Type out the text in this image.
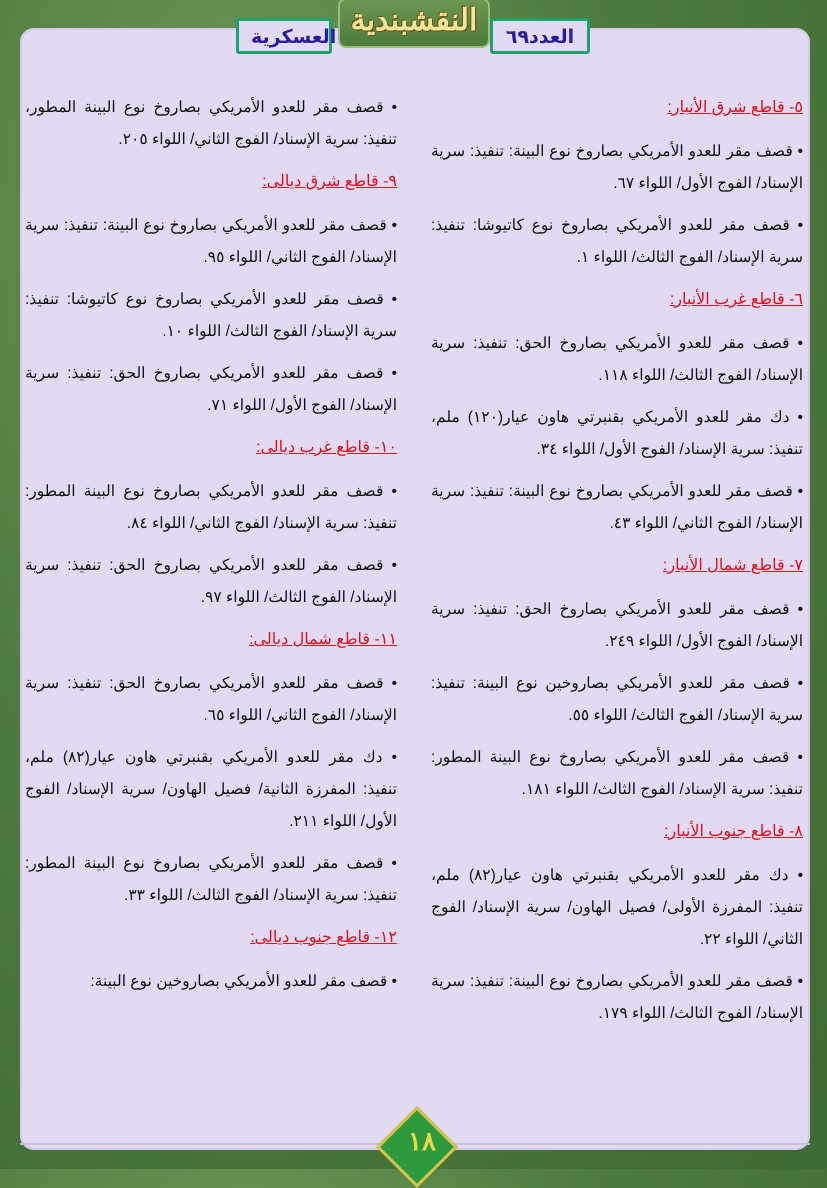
النقشبندية
العسكرية	العدد٦٩

٥- قاطع شرق الأنبار:

• قصف مقر للعدو الأمريكي بصاروخ نوع البينة: تنفيذ: سرية الإسناد/ الفوج الأول/ اللواء ٦٧.

• قصف مقر للعدو الأمريكي بصاروخ نوع كاتيوشا: تنفيذ: سرية الإسناد/ الفوج الثالث/ اللواء ١.

٦- قاطع غرب الأنبار:

• قصف مقر للعدو الأمريكي بصاروخ الحق: تنفيذ: سرية الإسناد/ الفوج الثالث/ اللواء ١١٨.

• دك مقر للعدو الأمريكي بقنبرتي هاون عيار(١٢٠) ملم، تنفيذ: سرية الإسناد/ الفوج الأول/ اللواء ٣٤.

• قصف مقر للعدو الأمريكي بصاروخ نوع البينة: تنفيذ: سرية الإسناد/ الفوج الثاني/ اللواء ٤٣.

٧- قاطع شمال الأنبار:

• قصف مقر للعدو الأمريكي بصاروخ الحق: تنفيذ: سرية الإسناد/ الفوج الأول/ اللواء ٢٤٩.

• قصف مقر للعدو الأمريكي بصاروخين نوع البينة: تنفيذ: سرية الإسناد/ الفوج الثالث/ اللواء ٥٥.

• قصف مقر للعدو الأمريكي بصاروخ نوع البينة المطور: تنفيذ: سرية الإسناد/ الفوج الثالث/ اللواء ١٨١.

٨- قاطع جنوب الأنبار:

• دك مقر للعدو الأمريكي بقنبرتي هاون عيار(٨٢) ملم، تنفيذ: المفرزة الأولى/ فصيل الهاون/ سرية الإسناد/ الفوج الثاني/ اللواء ٢٢.

• قصف مقر للعدو الأمريكي بصاروخ نوع البينة: تنفيذ: سرية الإسناد/ الفوج الثالث/ اللواء ١٧٩.

• قصف مقر للعدو الأمريكي بصاروخ نوع البينة المطور، تنفيذ: سرية الإسناد/ الفوج الثاني/ اللواء ٢٠٥.

٩- قاطع شرق ديالى:

• قصف مقر للعدو الأمريكي بصاروخ نوع البينة: تنفيذ: سرية الإسناد/ الفوج الثاني/ اللواء ٩٥.

• قصف مقر للعدو الأمريكي بصاروخ نوع كاتيوشا: تنفيذ: سرية الإسناد/ الفوج الثالث/ اللواء ١٠.

• قصف مقر للعدو الأمريكي بصاروخ الحق: تنفيذ: سرية الإسناد/ الفوج الأول/ اللواء ٧١.

١٠- قاطع غرب ديالى:

• قصف مقر للعدو الأمريكي بصاروخ نوع البينة المطور: تنفيذ: سرية الإسناد/ الفوج الثاني/ اللواء ٨٤.

• قصف مقر للعدو الأمريكي بصاروخ الحق: تنفيذ: سرية الإسناد/ الفوج الثالث/ اللواء ٩٧.

١١- قاطع شمال ديالى:

• قصف مقر للعدو الأمريكي بصاروخ الحق: تنفيذ: سرية الإسناد/ الفوج الثاني/ اللواء ٦٥.

• دك مقر للعدو الأمريكي بقنبرتي هاون عيار(٨٢) ملم، تنفيذ: المفرزة الثانية/ فصيل الهاون/ سرية الإسناد/ الفوج الأول/ اللواء ٢١١.

• قصف مقر للعدو الأمريكي بصاروخ نوع البينة المطور: تنفيذ: سرية الإسناد/ الفوج الثالث/ اللواء ٣٣.

١٢- قاطع جنوب ديالى:

• قصف مقر للعدو الأمريكي بصاروخين نوع البينة:

١٨
